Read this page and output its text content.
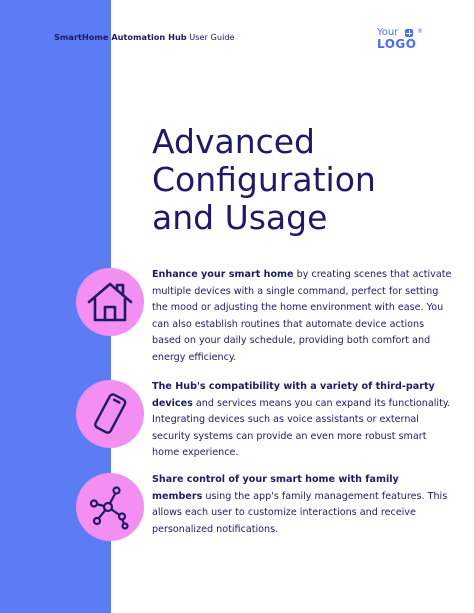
SmartHome Automation Hub User Guide	Your	®
LOGO
Advanced
Configuration
and Usage

Enhance your smart home by creating scenes that activate multiple devices with a single command, perfect for setting the mood or adjusting the home environment with ease. You can also establish routines that automate device actions based on your daily schedule, providing both comfort and energy efficiency.

The Hub's compatibility with a variety of third-party devices and services means you can expand its functionality. Integrating devices such as voice assistants or external security systems can provide an even more robust smart home experience.

Share control of your smart home with family members using the app's family management features. This allows each user to customize interactions and receive personalized notifications.
